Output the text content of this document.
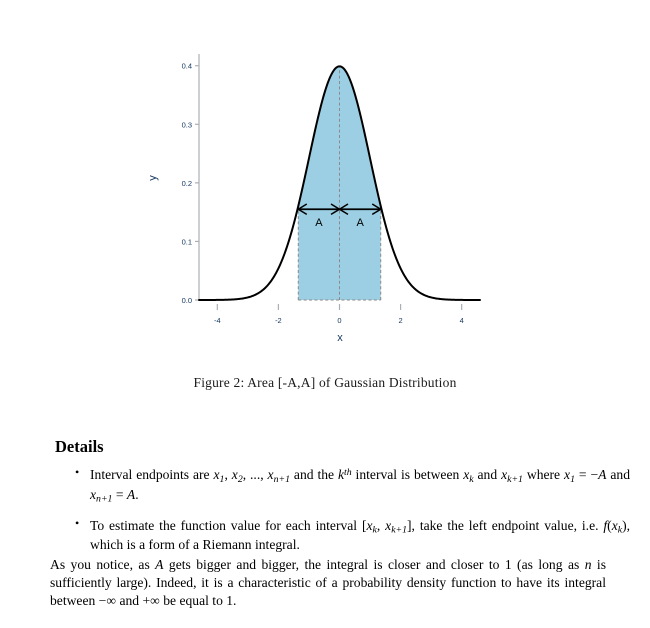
0.0
0.1
0.2
0.3
0.4
-4	-2	0	2	4
A	A
x
y
Figure 2: Area [-A,A] of Gaussian Distribution
Details
• Interval endpoints are $x_1$, $x_2$, ..., $x_{n+1}$ and the $k^{th}$ interval is between $x_k$ and $x_{k+1}$ where $x_1 = -A$ and $x_{n+1} = A$.
• To estimate the function value for each interval [$x_k$, $x_{k+1}$], take the left endpoint value, i.e. $f(x_k)$, which is a form of a Riemann integral.
As you notice, as A gets bigger and bigger, the integral is closer and closer to 1 (as long as n is sufficiently large). Indeed, it is a characteristic of a probability density function to have its integral between −∞ and +∞ be equal to 1.
